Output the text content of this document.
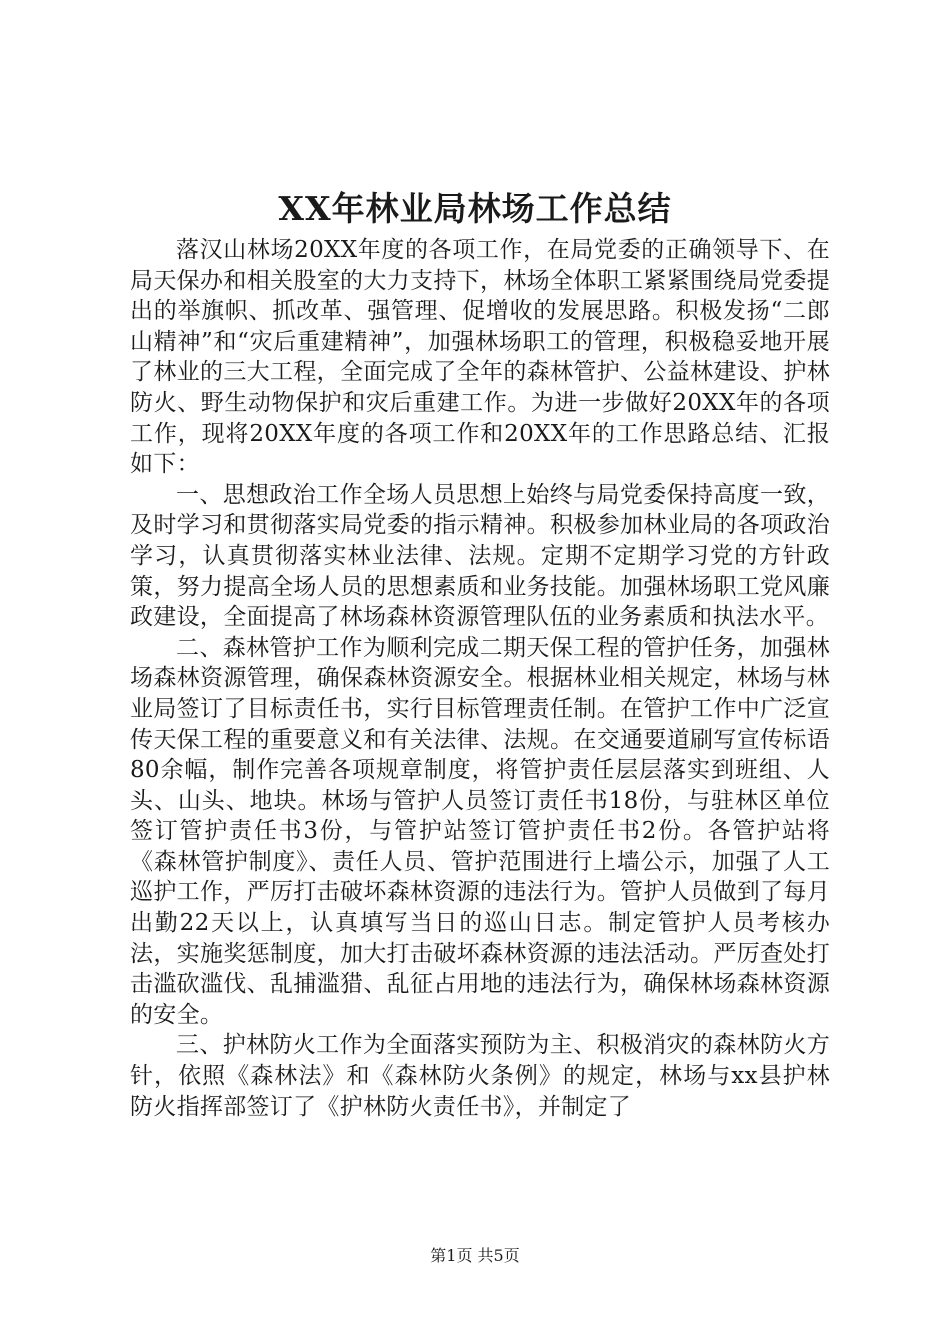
XX年林业局林场工作总结

落汉山林场20XX年度的各项工作，在局党委的正确领导下、在局天保办和相关股室的大力支持下，林场全体职工紧紧围绕局党委提出的举旗帜、抓改革、强管理、促增收的发展思路。积极发扬“二郎山精神”和“灾后重建精神”，加强林场职工的管理，积极稳妥地开展了林业的三大工程，全面完成了全年的森林管护、公益林建设、护林防火、野生动物保护和灾后重建工作。为进一步做好20XX年的各项工作，现将20XX年度的各项工作和20XX年的工作思路总结、汇报如下：

一、思想政治工作全场人员思想上始终与局党委保持高度一致，及时学习和贯彻落实局党委的指示精神。积极参加林业局的各项政治学习，认真贯彻落实林业法律、法规。定期不定期学习党的方针政策，努力提高全场人员的思想素质和业务技能。加强林场职工党风廉政建设，全面提高了林场森林资源管理队伍的业务素质和执法水平。

二、森林管护工作为顺利完成二期天保工程的管护任务，加强林场森林资源管理，确保森林资源安全。根据林业相关规定，林场与林业局签订了目标责任书，实行目标管理责任制。在管护工作中广泛宣传天保工程的重要意义和有关法律、法规。在交通要道刷写宣传标语80余幅，制作完善各项规章制度，将管护责任层层落实到班组、人头、山头、地块。林场与管护人员签订责任书18份，与驻林区单位签订管护责任书3份，与管护站签订管护责任书2份。各管护站将《森林管护制度》、责任人员、管护范围进行上墙公示，加强了人工巡护工作，严厉打击破坏森林资源的违法行为。管护人员做到了每月出勤22天以上，认真填写当日的巡山日志。制定管护人员考核办法，实施奖惩制度，加大打击破坏森林资源的违法活动。严厉查处打击滥砍滥伐、乱捕滥猎、乱征占用地的违法行为，确保林场森林资源的安全。

三、护林防火工作为全面落实预防为主、积极消灾的森林防火方针，依照《森林法》和《森林防火条例》的规定，林场与xx县护林防火指挥部签订了《护林防火责任书》，并制定了

第1页 共5页
